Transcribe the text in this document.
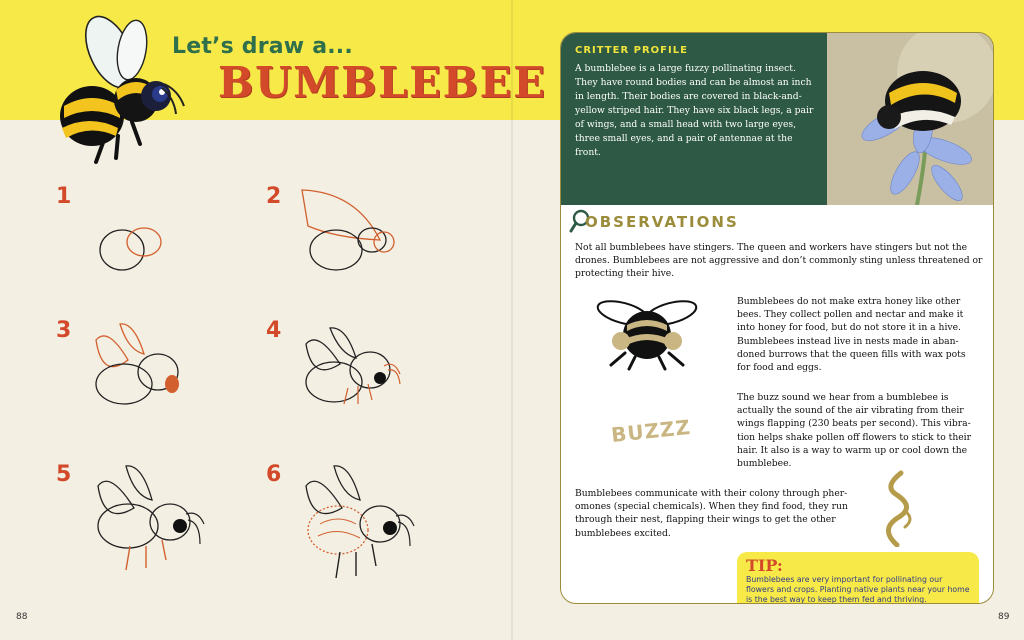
Let’s draw a...
BUMBLEBEE
1	2
3	4
5	6
88
CRITTER PROFILE

A bumblebee is a large fuzzy pollinating insect. They have round bodies and can be almost an inch in length. Their bodies are covered in black-and-yellow striped hair. They have six black legs, a pair of wings, and a small head with two large eyes, three small eyes, and a pair of antennae at the front.

OBSERVATIONS
Not all bumblebees have stingers. The queen and workers have stingers but not the drones. Bumblebees are not aggressive and don’t commonly sting unless threatened or protecting their hive.
Bumblebees do not make extra honey like other bees. They collect pollen and nectar and make it into honey for food, but do not store it in a hive. Bumblebees instead live in nests made in aban-doned burrows that the queen fills with wax pots for food and eggs.
BUZZZ
The buzz sound we hear from a bumblebee is actually the sound of the air vibrating from their wings flapping (230 beats per second). This vibra-tion helps shake pollen off flowers to stick to their hair. It also is a way to warm up or cool down the bumblebee.
Bumblebees communicate with their colony through pher-omones (special chemicals). When they find food, they run through their nest, flapping their wings to get the other bumblebees excited.
TIP:

Bumblebees are very important for pollinating our flowers and crops. Planting native plants near your home is the best way to keep them fed and thriving.

89
